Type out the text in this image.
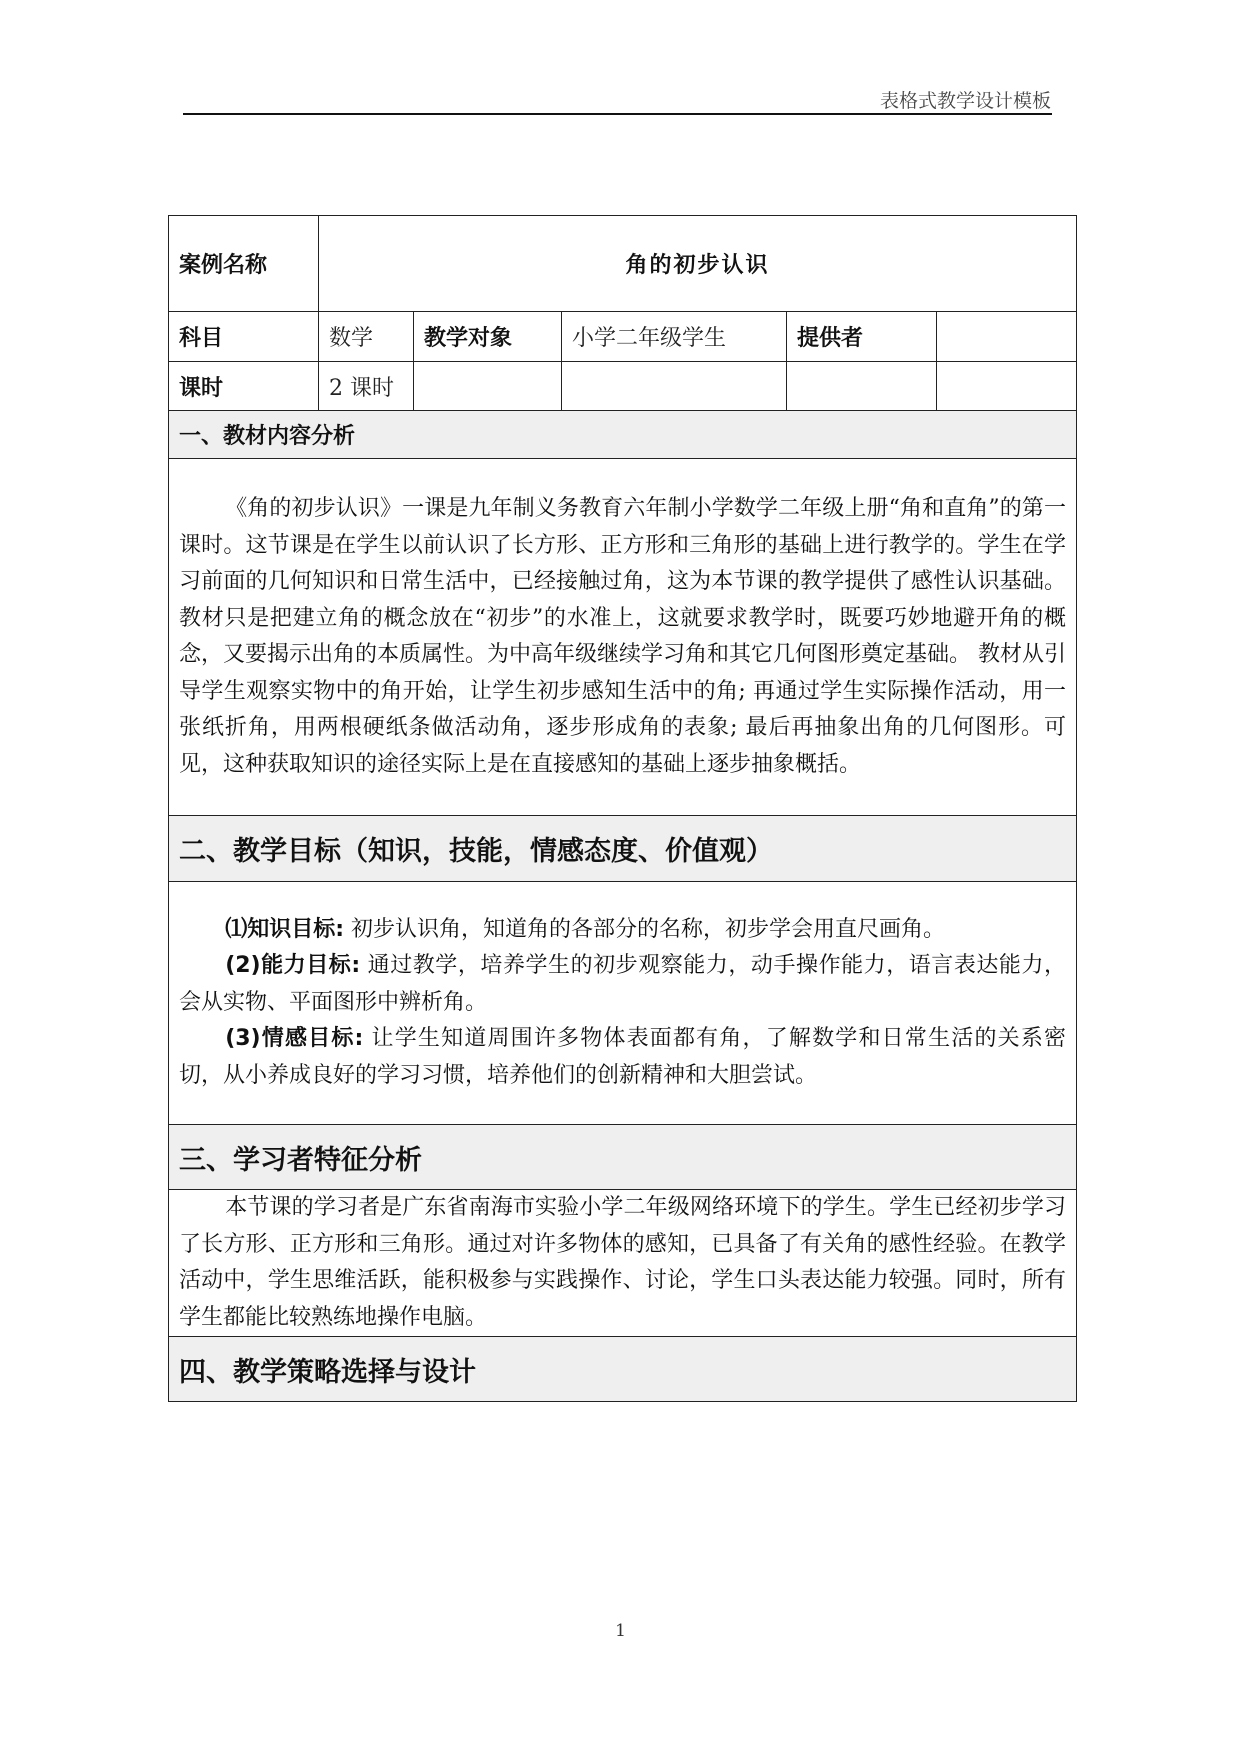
表格式教学设计模板
案例名称	角的初步认识				
科目	数学	教学对象	小学二年级学生	提供者	
课时	2 课时				
一、教材内容分析					

《角的初步认识》一课是九年制义务教育六年制小学数学二年级上册“角和直角”的第一课时。这节课是在学生以前认识了长方形、正方形和三角形的基础上进行教学的。学生在学习前面的几何知识和日常生活中，已经接触过角，这为本节课的教学提供了感性认识基础。教材只是把建立角的概念放在“初步”的水准上，这就要求教学时，既要巧妙地避开角的概念，又要揭示出角的本质属性。为中高年级继续学习角和其它几何图形奠定基础。 教材从引导学生观察实物中的角开始，让学生初步感知生活中的角; 再通过学生实际操作活动，用一张纸折角，用两根硬纸条做活动角，逐步形成角的表象; 最后再抽象出角的几何图形。可见，这种获取知识的途径实际上是在直接感知的基础上逐步抽象概括。					

二、教学目标（知识，技能，情感态度、价值观）					

⑴知识目标: 初步认识角，知道角的各部分的名称，初步学会用直尺画角。

(2)能力目标: 通过教学，培养学生的初步观察能力，动手操作能力，语言表达能力，会从实物、平面图形中辨析角。

(3)情感目标: 让学生知道周围许多物体表面都有角，了解数学和日常生活的关系密切，从小养成良好的学习习惯，培养他们的创新精神和大胆尝试。					

三、学习者特征分析					

本节课的学习者是广东省南海市实验小学二年级网络环境下的学生。学生已经初步学习了长方形、正方形和三角形。通过对许多物体的感知，已具备了有关角的感性经验。在教学活动中，学生思维活跃，能积极参与实践操作、讨论，学生口头表达能力较强。同时，所有学生都能比较熟练地操作电脑。					

四、教学策略选择与设计					
1
